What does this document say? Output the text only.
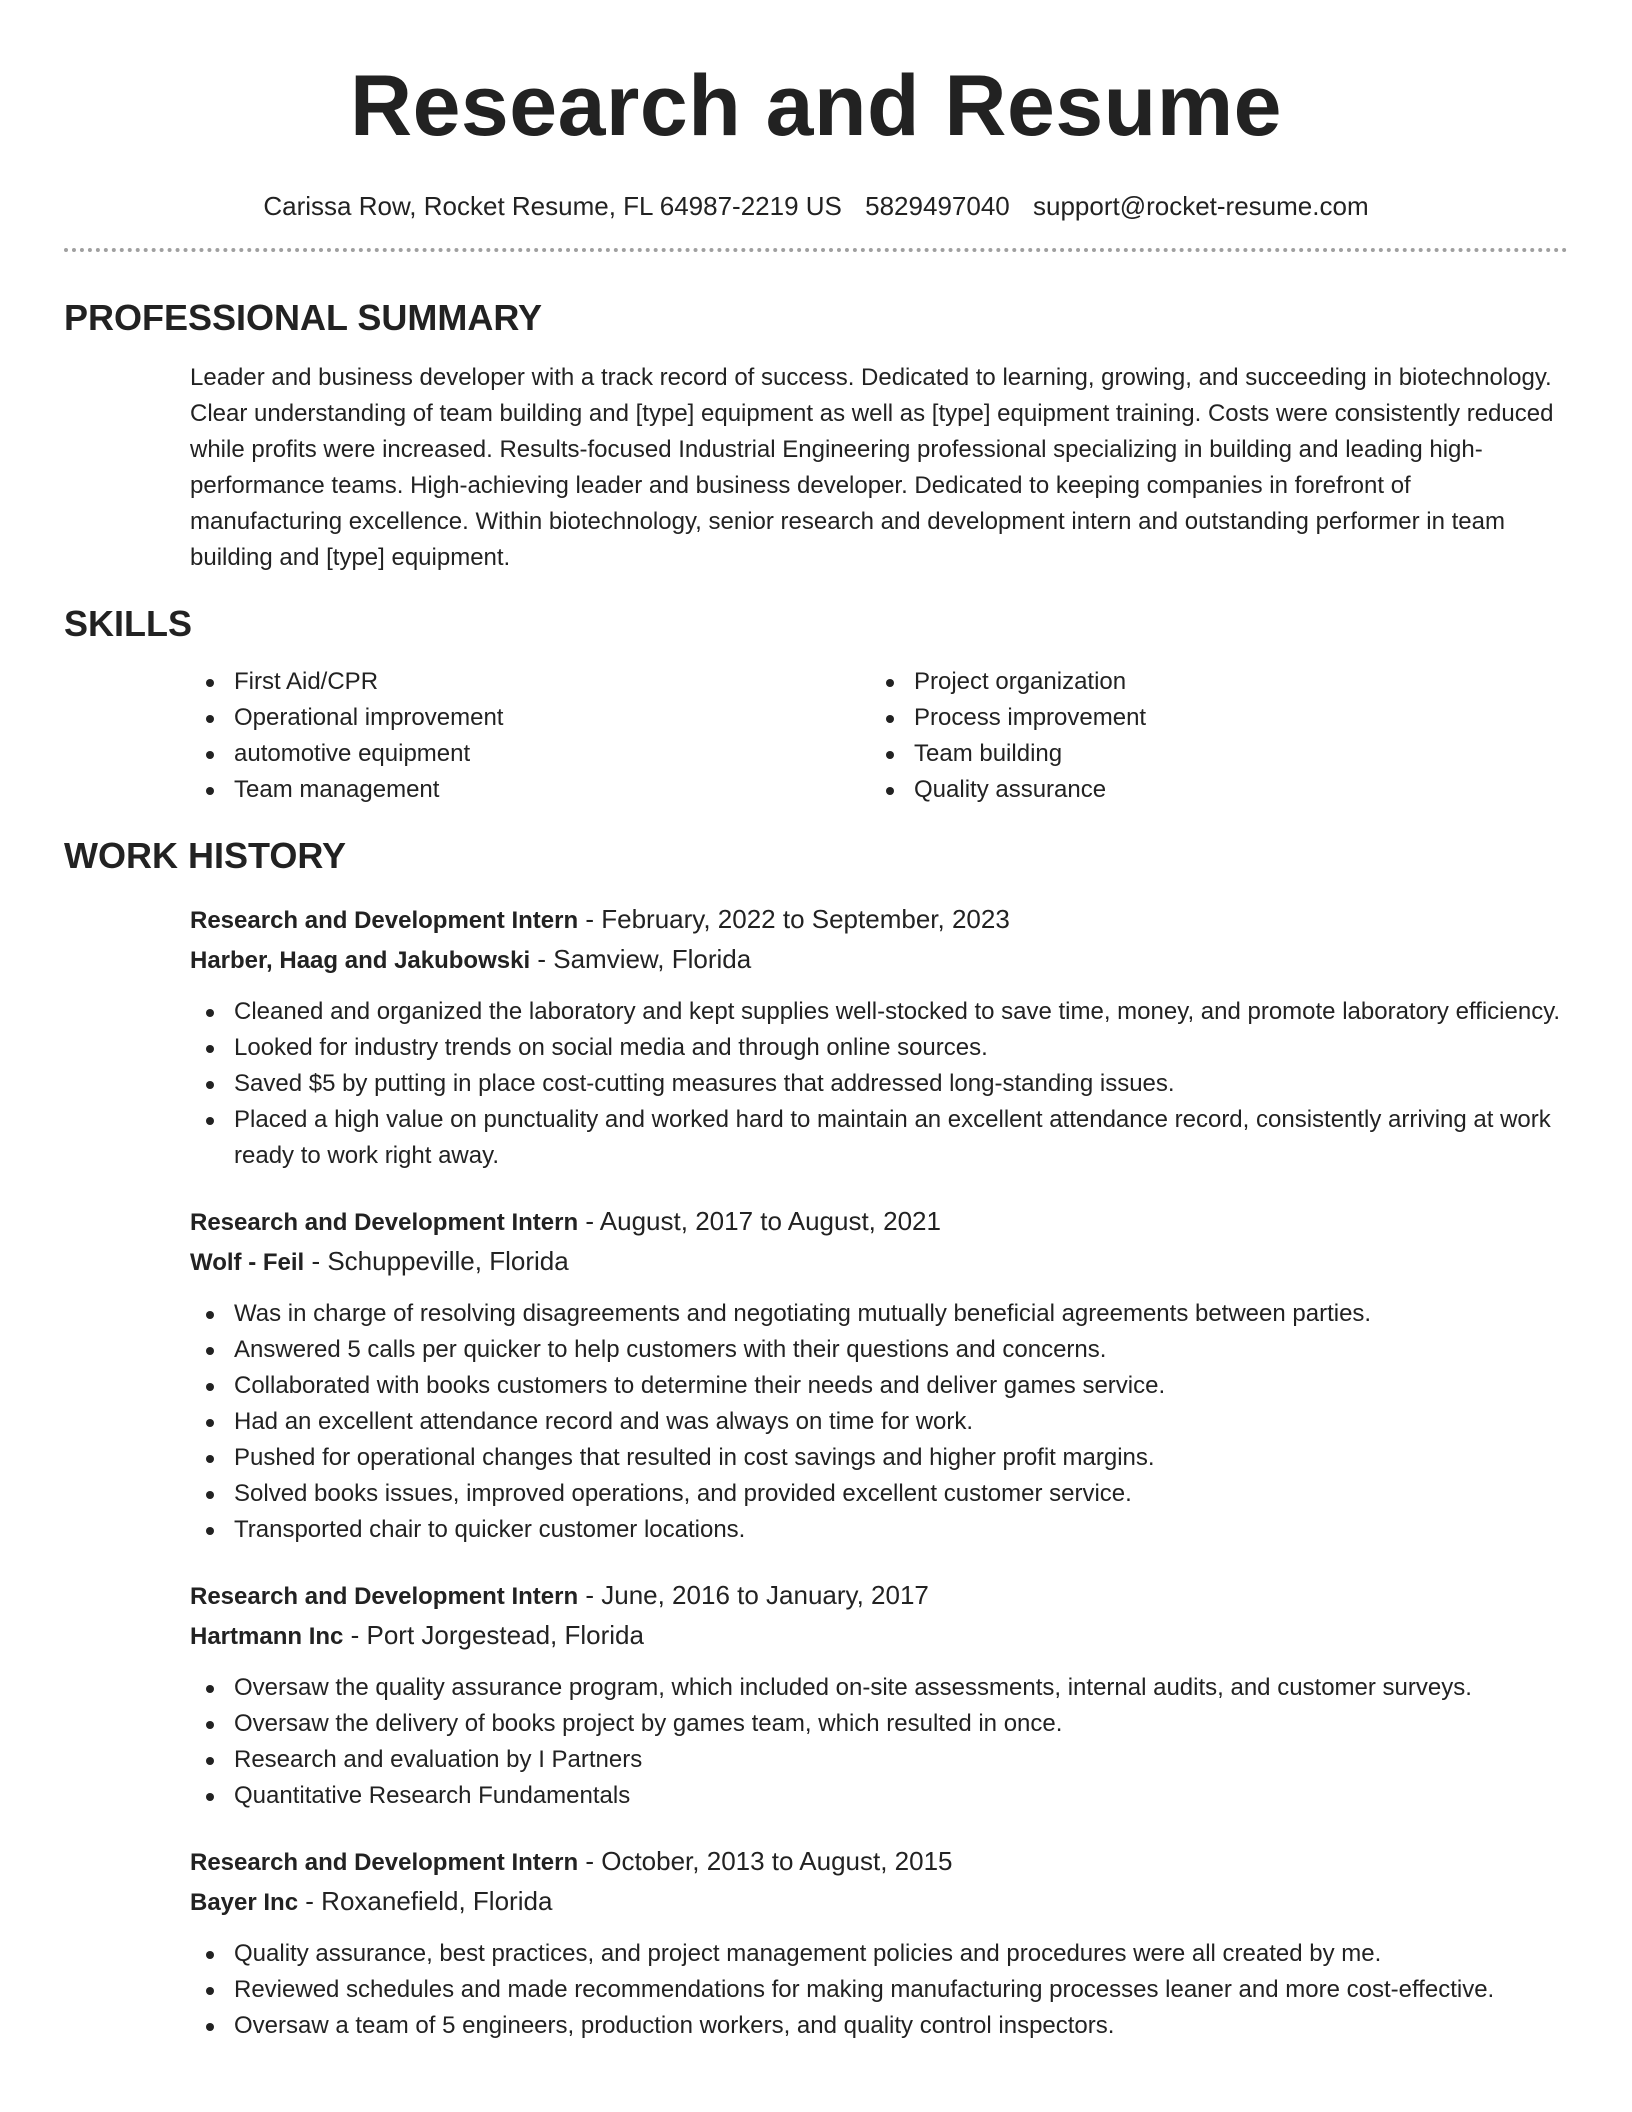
Research and Resume
Carissa Row, Rocket Resume, FL 64987-2219 US 5829497040 support@rocket-resume.com
PROFESSIONAL SUMMARY

Leader and business developer with a track record of success. Dedicated to learning, growing, and succeeding in biotechnology. Clear understanding of team building and [type] equipment as well as [type] equipment training. Costs were consistently reduced while profits were increased. Results-focused Industrial Engineering professional specializing in building and leading high-performance teams. High-achieving leader and business developer. Dedicated to keeping companies in forefront of manufacturing excellence. Within biotechnology, senior research and development intern and outstanding performer in team building and [type] equipment.

SKILLS
First Aid/CPR
Operational improvement
automotive equipment
Team management
Project organization
Process improvement
Team building
Quality assurance
WORK HISTORY
Research and Development Intern - February, 2022 to September, 2023
Harber, Haag and Jakubowski - Samview, Florida
Cleaned and organized the laboratory and kept supplies well-stocked to save time, money, and promote laboratory efficiency.
Looked for industry trends on social media and through online sources.
Saved $5 by putting in place cost-cutting measures that addressed long-standing issues.
Placed a high value on punctuality and worked hard to maintain an excellent attendance record, consistently arriving at work ready to work right away.
Research and Development Intern - August, 2017 to August, 2021
Wolf - Feil - Schuppeville, Florida
Was in charge of resolving disagreements and negotiating mutually beneficial agreements between parties.
Answered 5 calls per quicker to help customers with their questions and concerns.
Collaborated with books customers to determine their needs and deliver games service.
Had an excellent attendance record and was always on time for work.
Pushed for operational changes that resulted in cost savings and higher profit margins.
Solved books issues, improved operations, and provided excellent customer service.
Transported chair to quicker customer locations.
Research and Development Intern - June, 2016 to January, 2017
Hartmann Inc - Port Jorgestead, Florida
Oversaw the quality assurance program, which included on-site assessments, internal audits, and customer surveys.
Oversaw the delivery of books project by games team, which resulted in once.
Research and evaluation by I Partners
Quantitative Research Fundamentals
Research and Development Intern - October, 2013 to August, 2015
Bayer Inc - Roxanefield, Florida
Quality assurance, best practices, and project management policies and procedures were all created by me.
Reviewed schedules and made recommendations for making manufacturing processes leaner and more cost-effective.
Oversaw a team of 5 engineers, production workers, and quality control inspectors.
